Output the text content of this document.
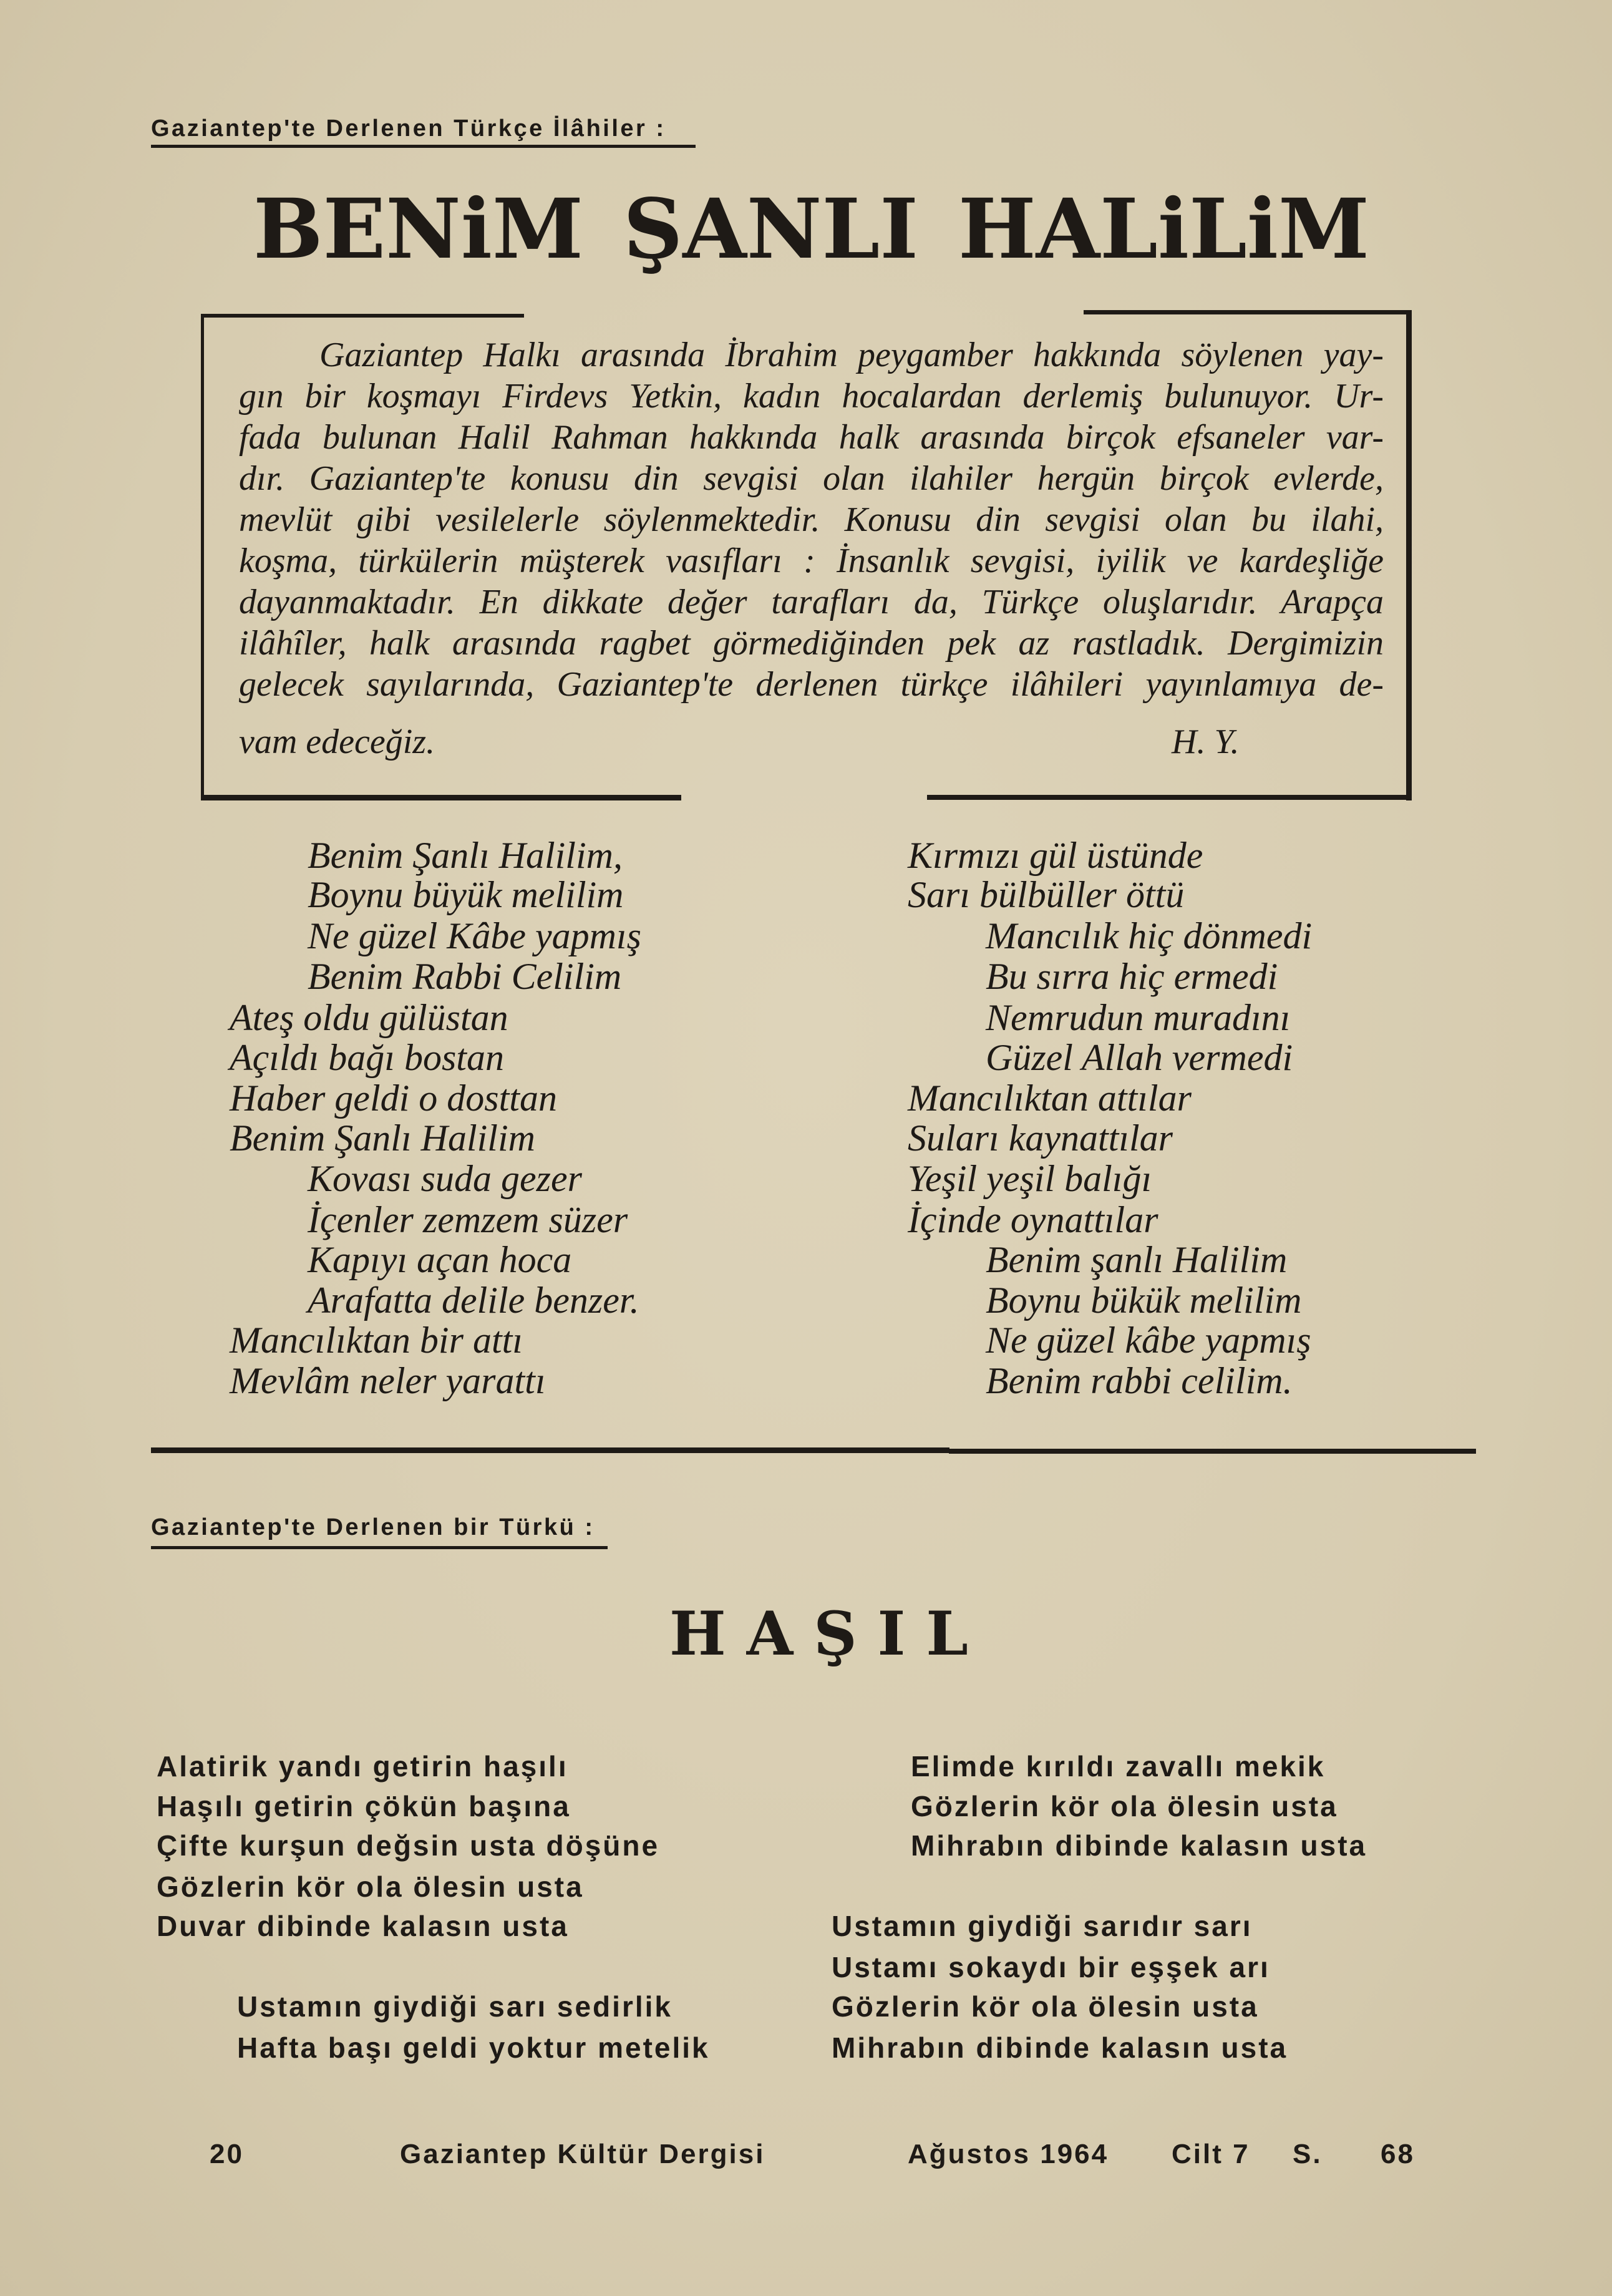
Gaziantep'te Derlenen Türkçe İlâhiler :
BENiM ŞANLI HALiLiM
Gaziantep Halkı arasında İbrahim peygamber hakkında söylenen yay-
gın bir koşmayı Firdevs Yetkin, kadın hocalardan derlemiş bulunuyor. Ur-
fada bulunan Halil Rahman hakkında halk arasında birçok efsaneler var-
dır. Gaziantep'te konusu din sevgisi olan ilahiler hergün birçok evlerde,
mevlüt gibi vesilelerle söylenmektedir. Konusu din sevgisi olan bu ilahi,
koşma, türkülerin müşterek vasıfları : İnsanlık sevgisi, iyilik ve kardeşliğe
dayanmaktadır. En dikkate değer tarafları da, Türkçe oluşlarıdır. Arapça
ilâhîler, halk arasında ragbet görmediğinden pek az rastladık. Dergimizin
gelecek sayılarında, Gaziantep'te derlenen türkçe ilâhileri yayınlamıya de-
vam edeceğiz.	H. Y.
Benim Şanlı Halilim,
Boynu büyük melilim
Ne güzel Kâbe yapmış
Benim Rabbi Celilim
Ateş oldu gülüstan
Açıldı bağı bostan
Haber geldi o dosttan
Benim Şanlı Halilim
Kovası suda gezer
İçenler zemzem süzer
Kapıyı açan hoca
Arafatta delile benzer.
Mancılıktan bir attı
Mevlâm neler yarattı
Kırmızı gül üstünde
Sarı bülbüller öttü
Mancılık hiç dönmedi
Bu sırra hiç ermedi
Nemrudun muradını
Güzel Allah vermedi
Mancılıktan attılar
Suları kaynattılar
Yeşil yeşil balığı
İçinde oynattılar
Benim şanlı Halilim
Boynu bükük melilim
Ne güzel kâbe yapmış
Benim rabbi celilim.
Gaziantep'te Derlenen bir Türkü :
HAŞIL
Alatirik yandı getirin haşılı
Haşılı getirin çökün başına
Çifte kurşun değsin usta döşüne
Gözlerin kör ola ölesin usta
Duvar dibinde kalasın usta
Ustamın giydiği sarı sedirlik
Hafta başı geldi yoktur metelik
Elimde kırıldı zavallı mekik
Gözlerin kör ola ölesin usta
Mihrabın dibinde kalasın usta
Ustamın giydiği sarıdır sarı
Ustamı sokaydı bir eşşek arı
Gözlerin kör ola ölesin usta
Mihrabın dibinde kalasın usta
20	Gaziantep Kültür Dergisi	Ağustos 1964 Cilt 7 S. 68
